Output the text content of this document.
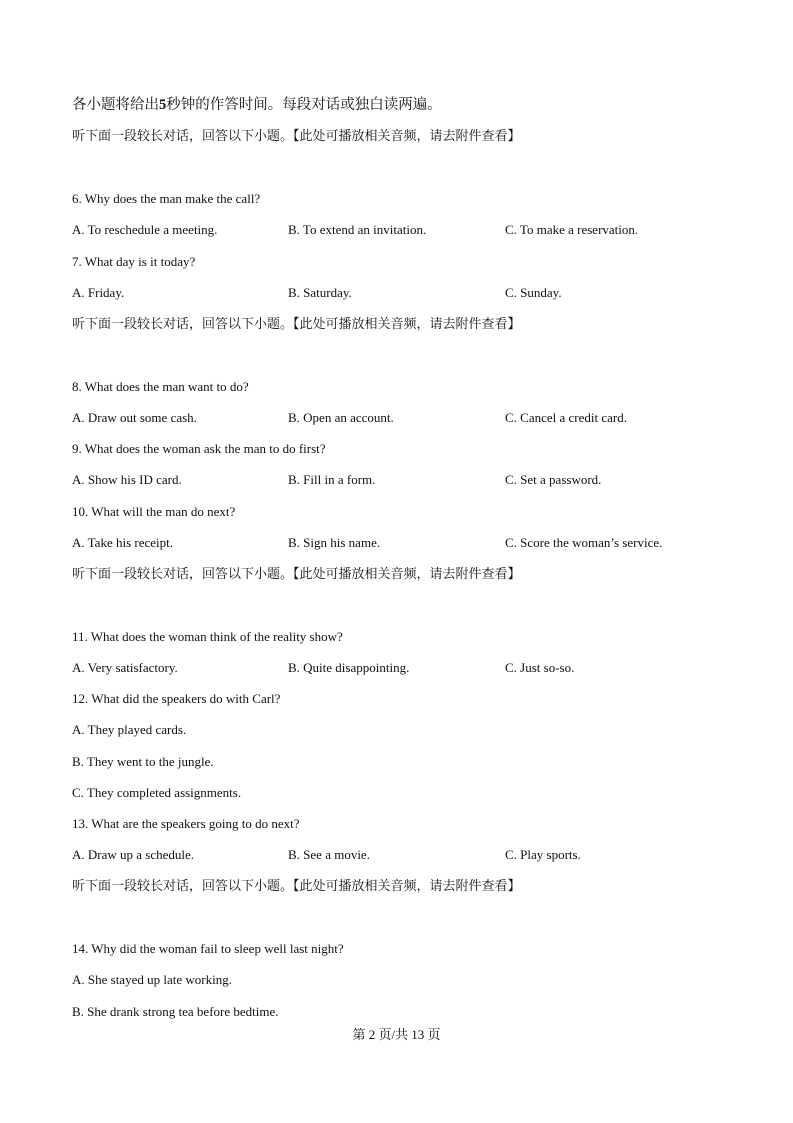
各小题将给出5秒钟的作答时间。每段对话或独白读两遍。
听下面一段较长对话，回答以下小题。【此处可播放相关音频，请去附件查看】
6. Why does the man make the call?
A. To reschedule a meeting.	B. To extend an invitation.	C. To make a reservation.
7. What day is it today?
A. Friday.	B. Saturday.	C. Sunday.
听下面一段较长对话，回答以下小题。【此处可播放相关音频，请去附件查看】
8. What does the man want to do?
A. Draw out some cash.	B. Open an account.	C. Cancel a credit card.
9. What does the woman ask the man to do first?
A. Show his ID card.	B. Fill in a form.	C. Set a password.
10. What will the man do next?
A. Take his receipt.	B. Sign his name.	C. Score the woman’s service.
听下面一段较长对话，回答以下小题。【此处可播放相关音频，请去附件查看】
11. What does the woman think of the reality show?
A. Very satisfactory.	B. Quite disappointing.	C. Just so-so.
12. What did the speakers do with Carl?
A. They played cards.
B. They went to the jungle.
C. They completed assignments.
13. What are the speakers going to do next?
A. Draw up a schedule.	B. See a movie.	C. Play sports.
听下面一段较长对话，回答以下小题。【此处可播放相关音频，请去附件查看】
14. Why did the woman fail to sleep well last night?
A. She stayed up late working.
B. She drank strong tea before bedtime.
第 2 页/共 13 页
